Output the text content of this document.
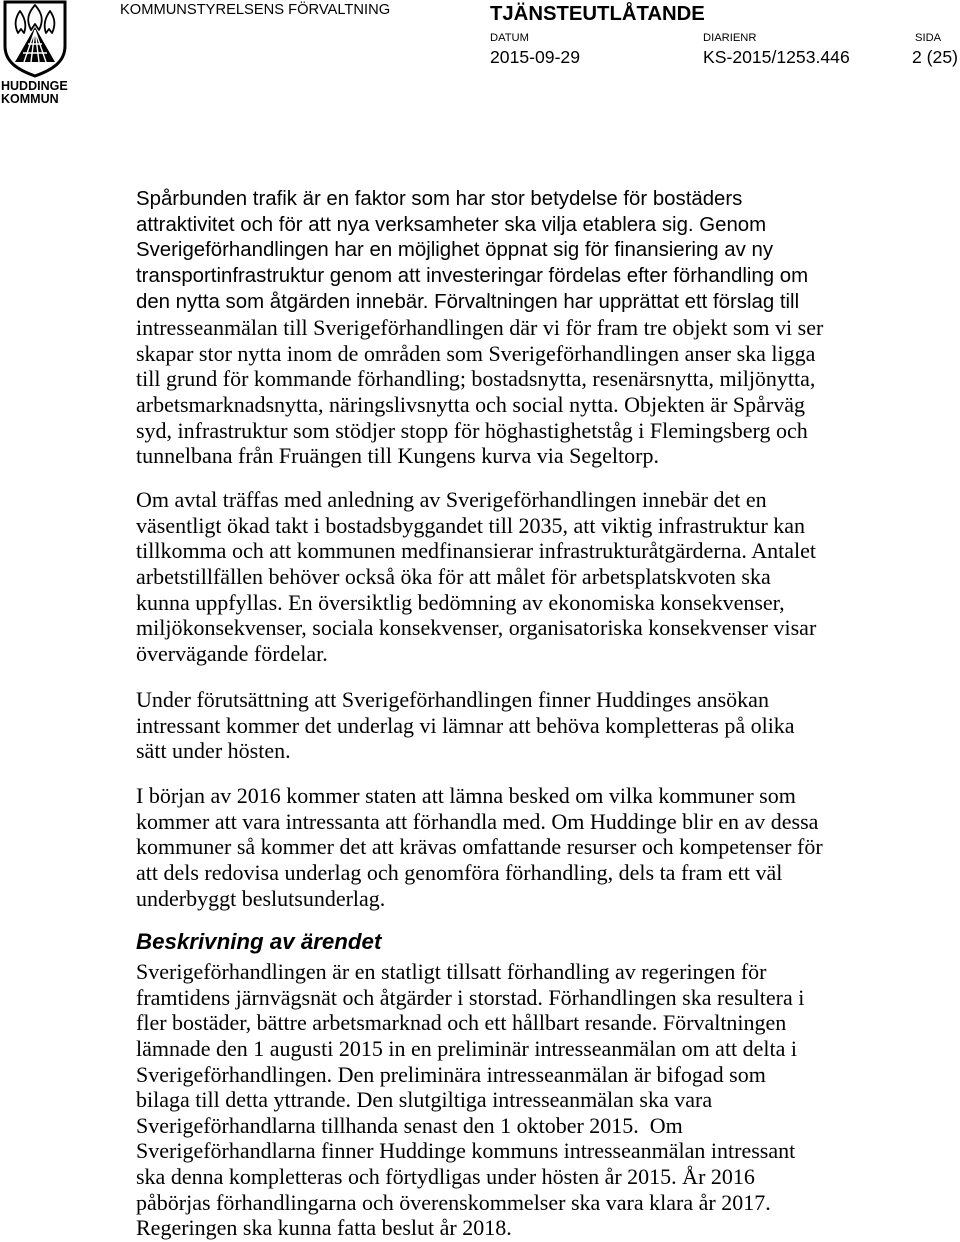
HUDDINGE
KOMMUN
KOMMUNSTYRELSENS FÖRVALTNING	TJÄNSTEUTLÅTANDE
DATUM	DIARIENR	SIDA
2015-09-29	KS-2015/1253.446	2 (25)
Spårbunden trafik är en faktor som har stor betydelse för bostäders
attraktivitet och för att nya verksamheter ska vilja etablera sig. Genom
Sverigeförhandlingen har en möjlighet öppnat sig för finansiering av ny
transportinfrastruktur genom att investeringar fördelas efter förhandling om
den nytta som åtgärden innebär. Förvaltningen har upprättat ett förslag till
intresseanmälan till Sverigeförhandlingen där vi för fram tre objekt som vi ser
skapar stor nytta inom de områden som Sverigeförhandlingen anser ska ligga
till grund för kommande förhandling; bostadsnytta, resenärsnytta, miljönytta,
arbetsmarknadsnytta, näringslivsnytta och social nytta. Objekten är Spårväg
syd, infrastruktur som stödjer stopp för höghastighetståg i Flemingsberg och
tunnelbana från Fruängen till Kungens kurva via Segeltorp.
Om avtal träffas med anledning av Sverigeförhandlingen innebär det en
väsentligt ökad takt i bostadsbyggandet till 2035, att viktig infrastruktur kan
tillkomma och att kommunen medfinansierar infrastrukturåtgärderna. Antalet
arbetstillfällen behöver också öka för att målet för arbetsplatskvoten ska
kunna uppfyllas. En översiktlig bedömning av ekonomiska konsekvenser,
miljökonsekvenser, sociala konsekvenser, organisatoriska konsekvenser visar
övervägande fördelar.
Under förutsättning att Sverigeförhandlingen finner Huddinges ansökan
intressant kommer det underlag vi lämnar att behöva kompletteras på olika
sätt under hösten.
I början av 2016 kommer staten att lämna besked om vilka kommuner som
kommer att vara intressanta att förhandla med. Om Huddinge blir en av dessa
kommuner så kommer det att krävas omfattande resurser och kompetenser för
att dels redovisa underlag och genomföra förhandling, dels ta fram ett väl
underbyggt beslutsunderlag.
Beskrivning av ärendet
Sverigeförhandlingen är en statligt tillsatt förhandling av regeringen för
framtidens järnvägsnät och åtgärder i storstad. Förhandlingen ska resultera i
fler bostäder, bättre arbetsmarknad och ett hållbart resande. Förvaltningen
lämnade den 1 augusti 2015 in en preliminär intresseanmälan om att delta i
Sverigeförhandlingen. Den preliminära intresseanmälan är bifogad som
bilaga till detta yttrande. Den slutgiltiga intresseanmälan ska vara
Sverigeförhandlarna tillhanda senast den 1 oktober 2015.  Om
Sverigeförhandlarna finner Huddinge kommuns intresseanmälan intressant
ska denna kompletteras och förtydligas under hösten år 2015. År 2016
påbörjas förhandlingarna och överenskommelser ska vara klara år 2017.
Regeringen ska kunna fatta beslut år 2018.
